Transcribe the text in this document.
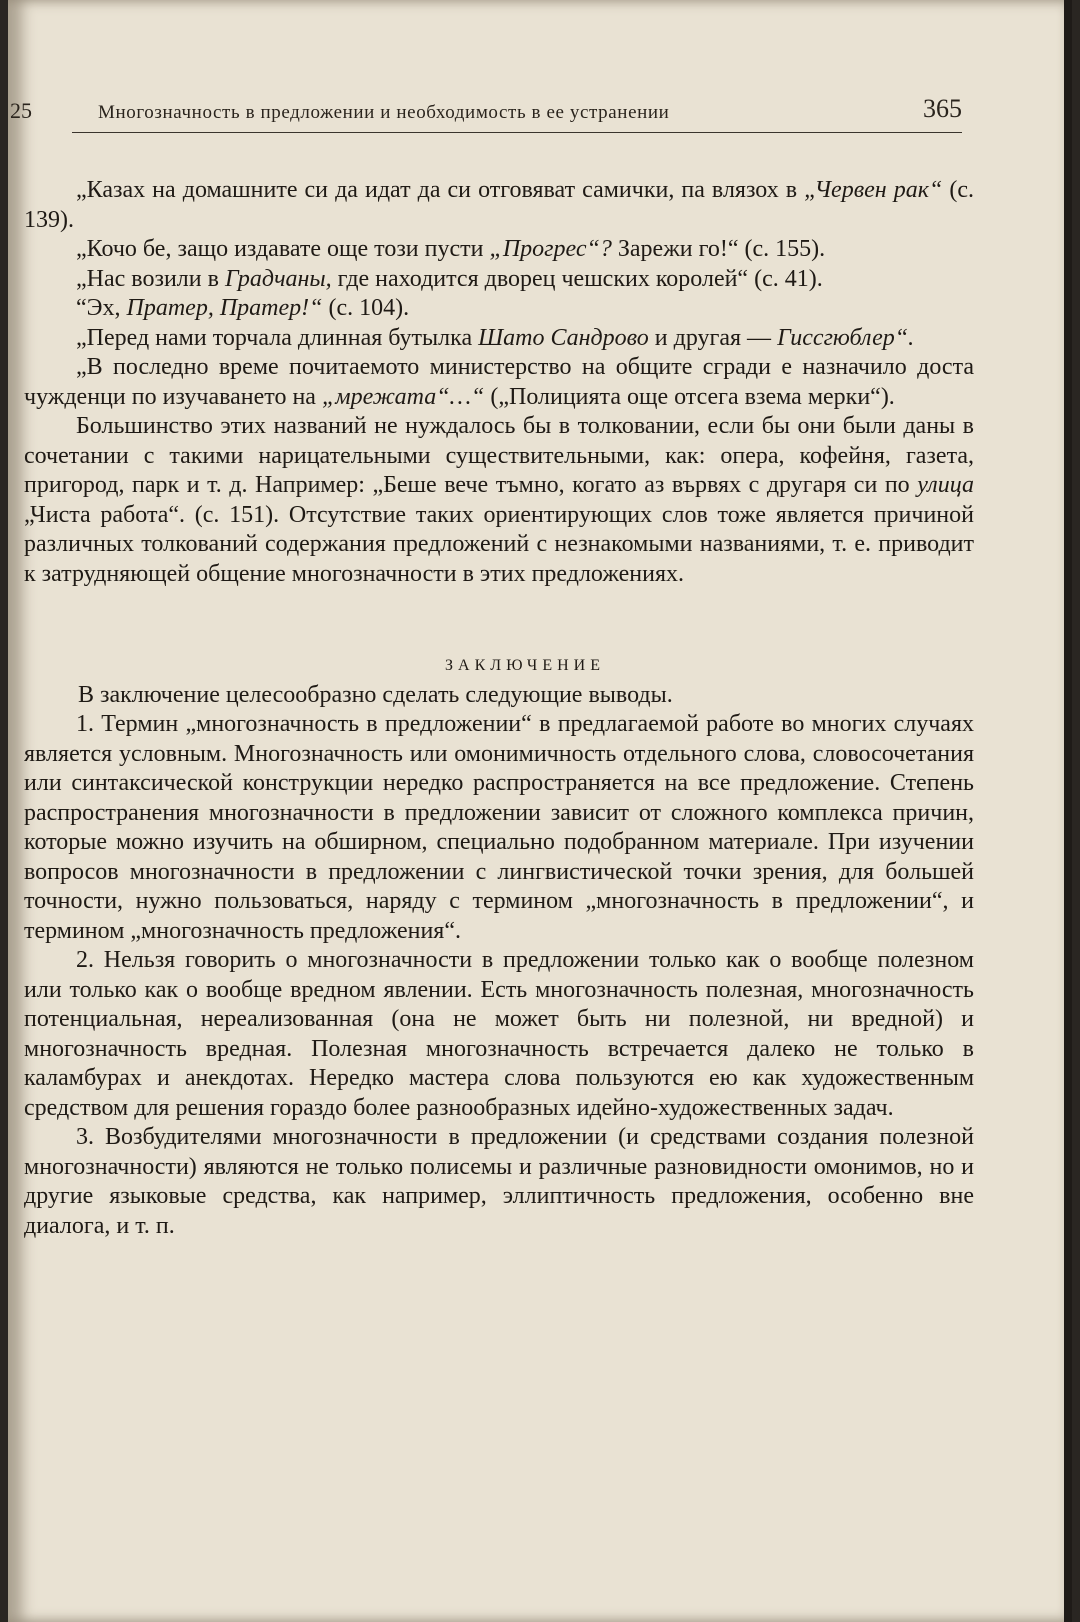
25	Многозначность в предложении и необходимость в ее устранении	365

„Казах на домашните си да идат да си отговяват самички, па влязох в „Червен рак“ (с. 139).

„Кочо бе, защо издавате още този пусти „Прогрес“? Зарежи го!“ (с. 155).

„Нас возили в Градчаны, где находится дворец чешских королей“ (с. 41).

“Эх, Пратер, Пратер!“ (с. 104).

„Перед нами торчала длинная бутылка Шато Сандрово и другая — Гиссгюблер“.

„В последно време почитаемото министерство на общите сгради е назначило доста чужденци по изучаването на „мрежата“…“ („Полицията още отсега взема мерки“).

Большинство этих названий не нуждалось бы в толковании, если бы они были даны в сочетании с такими нарицательными существительными, как: опера, кофейня, газета, пригород, парк и т. д. Например: „Беше вече тъмно, когато аз вървях с другаря си по улица „Чиста работа“. (с. 151). Отсутствие таких ориентирующих слов тоже является причиной различных толкований содержания предложений с незнакомыми названиями, т. е. приводит к затрудняющей общение многозначности в этих предложениях.

ЗАКЛЮЧЕНИЕ

В заключение целесообразно сделать следующие выводы.

1. Термин „многозначность в предложении“ в предлагаемой работе во многих случаях является условным. Многозначность или омонимичность отдельного слова, словосочетания или синтаксической конструкции нередко распространяется на все предложение. Степень распространения многозначности в предложении зависит от сложного комплекса причин, которые можно изучить на обширном, специально подобранном материале. При изучении вопросов многозначности в предложении с лингвистической точки зрения, для большей точности, нужно пользоваться, наряду с термином „многозначность в предложении“, и термином „многозначность предложения“.

2. Нельзя говорить о многозначности в предложении только как о вообще полезном или только как о вообще вредном явлении. Есть многозначность полезная, многозначность потенциальная, нереализованная (она не может быть ни полезной, ни вредной) и многозначность вредная. Полезная многозначность встречается далеко не только в каламбурах и анекдотах. Нередко мастера слова пользуются ею как художественным средством для решения гораздо более разнообразных идейно-художественных задач.

3. Возбудителями многозначности в предложении (и средствами создания полезной многозначности) являются не только полисемы и различные разновидности омонимов, но и другие языковые средства, как например, эллиптичность предложения, особенно вне диалога, и т. п.
